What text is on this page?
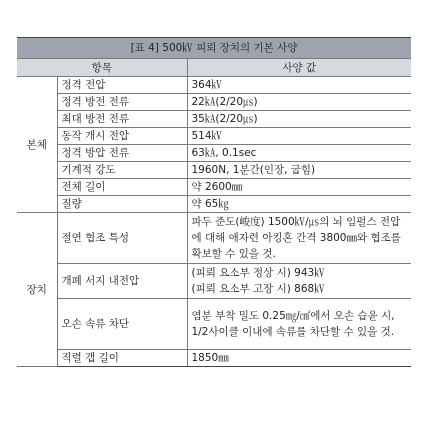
[표 4] 500㎸ 피뢰 장치의 기본 사양		
항목		사양 값
본체	정격 전압	364㎸
	정격 방전 전류	22㎄(2/20㎲)
	최대 방전 전류	35㎄(2/20㎲)
	동작 개시 전압	514㎸
	정격 방압 전류	63㎄, 0.1sec
	기계적 강도	1960N, 1분간(인장, 굽힘)
	전체 길이	약 2600㎜
	질량	약 65㎏
장치	절연 협조 특성	파두 준도(峻度) 1500㎸/㎲의 뇌 임펄스 전압에 대해 애자련 아킹혼 간격 3800㎜와 협조를 확보할 수 있을 것.
	개폐 서지 내전압	(피뢰 요소부 정상 시) 943㎸
(피뢰 요소부 고장 시) 868㎸
	오손 속류 차단	염분 부착 밀도 0.25㎎/㎠에서 오손 습윤 시, 1/2사이클 이내에 속류를 차단할 수 있을 것.
	직렬 갭 길이	1850㎜
